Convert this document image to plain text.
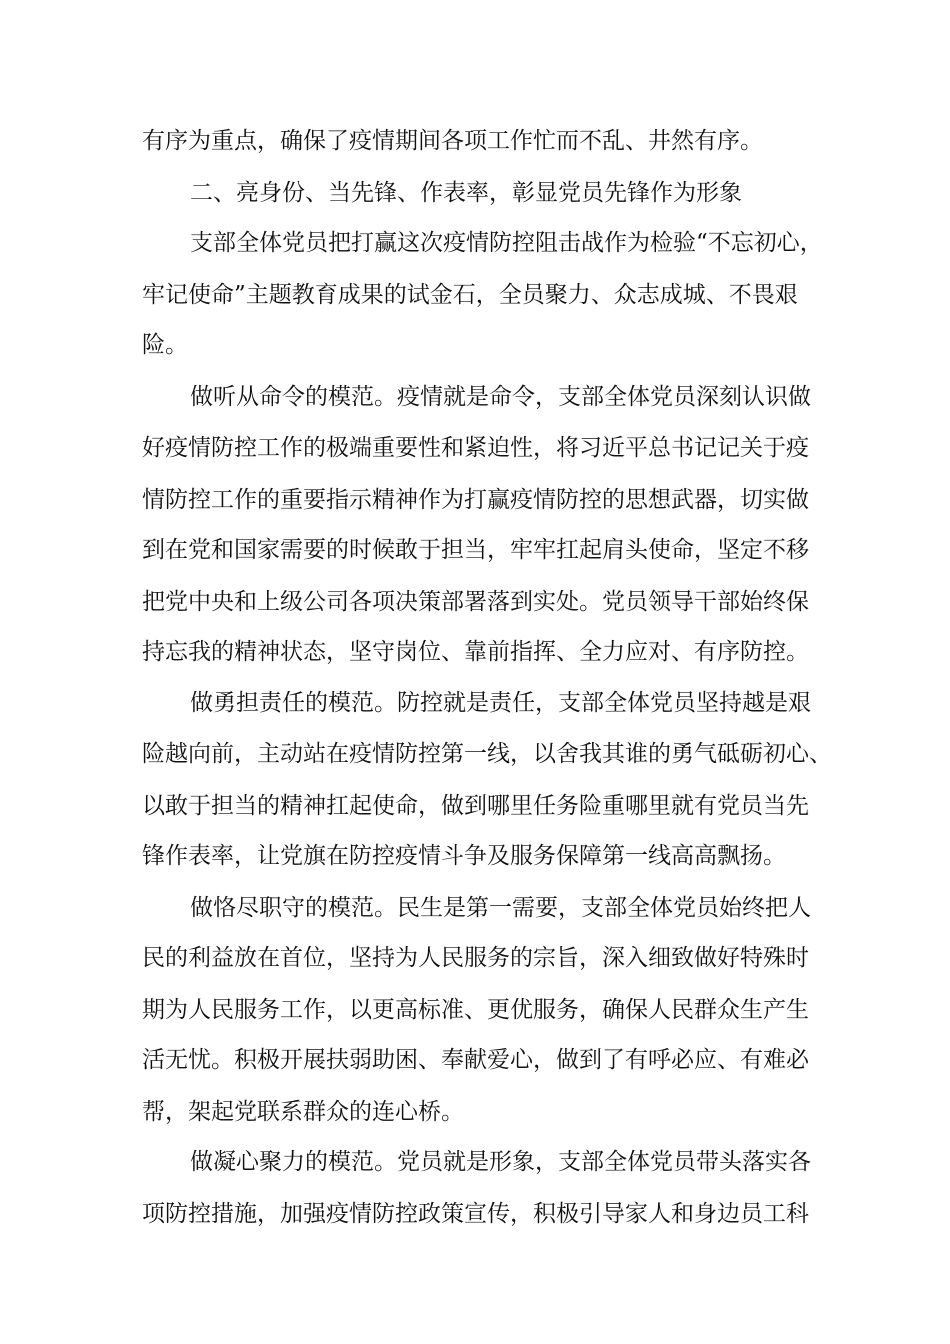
有序为重点，确保了疫情期间各项工作忙而不乱、井然有序。
二、亮身份、当先锋、作表率，彰显党员先锋作为形象
支部全体党员把打赢这次疫情防控阻击战作为检验“不忘初心，
牢记使命”主题教育成果的试金石，全员聚力、众志成城、不畏艰
险。
做听从命令的模范。疫情就是命令，支部全体党员深刻认识做
好疫情防控工作的极端重要性和紧迫性，将习近平总书记记关于疫
情防控工作的重要指示精神作为打赢疫情防控的思想武器，切实做
到在党和国家需要的时候敢于担当，牢牢扛起肩头使命，坚定不移
把党中央和上级公司各项决策部署落到实处。党员领导干部始终保
持忘我的精神状态，坚守岗位、靠前指挥、全力应对、有序防控。
做勇担责任的模范。防控就是责任，支部全体党员坚持越是艰
险越向前，主动站在疫情防控第一线，以舍我其谁的勇气砥砺初心、
以敢于担当的精神扛起使命，做到哪里任务险重哪里就有党员当先
锋作表率，让党旗在防控疫情斗争及服务保障第一线高高飘扬。
做恪尽职守的模范。民生是第一需要，支部全体党员始终把人
民的利益放在首位，坚持为人民服务的宗旨，深入细致做好特殊时
期为人民服务工作，以更高标准、更优服务，确保人民群众生产生
活无忧。积极开展扶弱助困、奉献爱心，做到了有呼必应、有难必
帮，架起党联系群众的连心桥。
做凝心聚力的模范。党员就是形象，支部全体党员带头落实各
项防控措施，加强疫情防控政策宣传，积极引导家人和身边员工科
